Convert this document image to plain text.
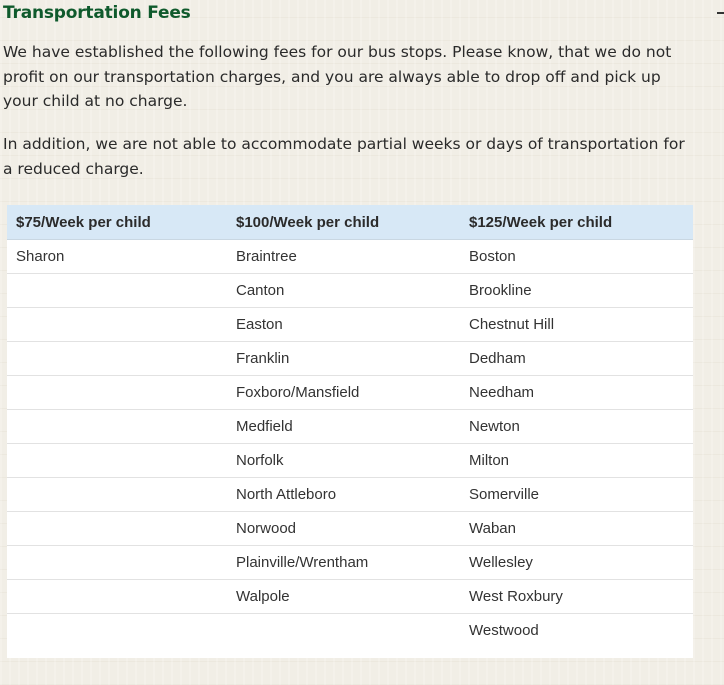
Transportation Fees

We have established the following fees for our bus stops. Please know, that we do not profit on our transportation charges, and you are always able to drop off and pick up your child at no charge.

In addition, we are not able to accommodate partial weeks or days of transportation for a reduced charge.

$75/Week per child	$100/Week per child	$125/Week per child
Sharon	Braintree	Boston
	Canton	Brookline
	Easton	Chestnut Hill
	Franklin	Dedham
	Foxboro/Mansfield	Needham
	Medfield	Newton
	Norfolk	Milton
	North Attleboro	Somerville
	Norwood	Waban
	Plainville/Wrentham	Wellesley
	Walpole	West Roxbury
		Westwood
